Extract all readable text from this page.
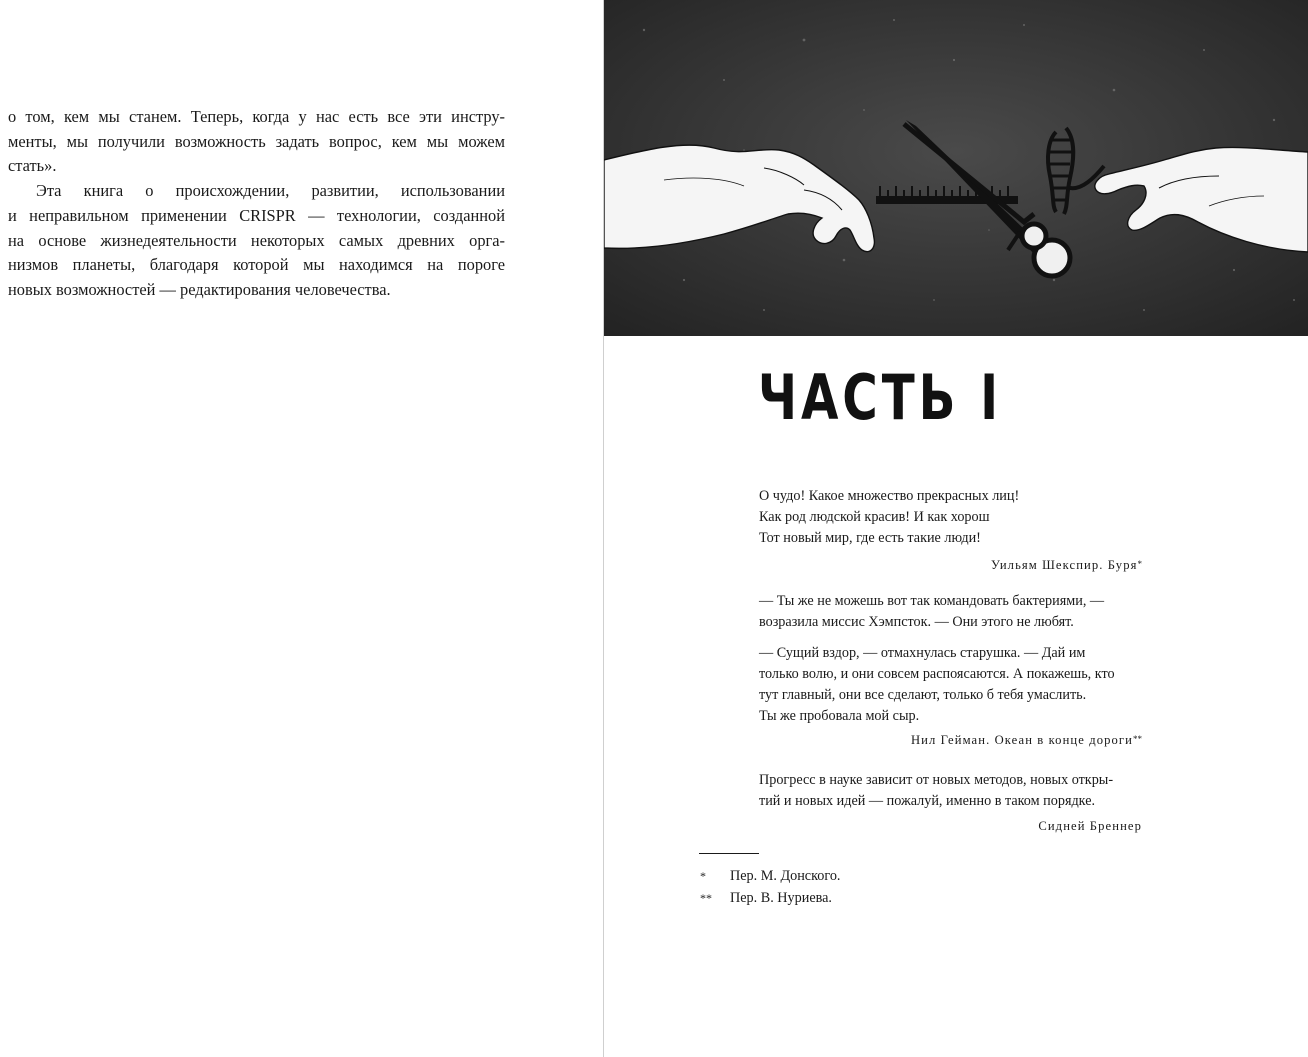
о том, кем мы станем. Теперь, когда у нас есть все эти инстру-
менты, мы получили возможность задать вопрос, кем мы можем
стать».

Эта книга о происхождении, развитии, использовании
и неправильном применении CRISPR — технологии, созданной
на основе жизнедеятельности некоторых самых древних орга-
низмов планеты, благодаря которой мы находимся на пороге
новых возможностей — редактирования человечества.

ЧАСТЬ I

О чудо! Какое множество прекрасных лиц!

Как род людской красив! И как хорош

Тот новый мир, где есть такие люди!

Уильям Шекспир. Буря*

— Ты же не можешь вот так командовать бактериями, —

возразила миссис Хэмпсток. — Они этого не любят.

— Сущий вздор, — отмахнулась старушка. — Дай им

только волю, и они совсем распоясаются. А покажешь, кто

тут главный, они все сделают, только б тебя умаслить.

Ты же пробовала мой сыр.

Нил Гейман. Океан в конце дороги**

Прогресс в науке зависит от новых методов, новых откры-

тий и новых идей — пожалуй, именно в таком порядке.

Сидней Бреннер
*	Пер. М. Донского.
**	Пер. В. Нуриева.
